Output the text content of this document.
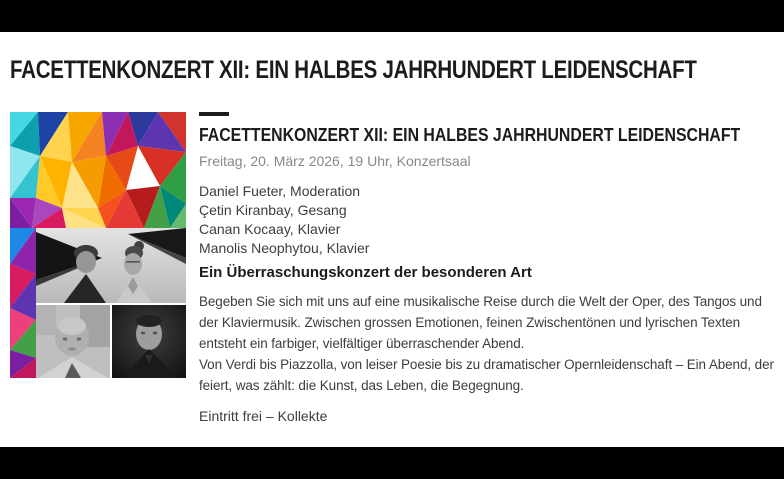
FACETTENKONZERT XII: EIN HALBES JAHRHUNDERT LEIDENSCHAFT
FACETTENKONZERT XII: EIN HALBES JAHRHUNDERT LEIDENSCHAFT
Freitag, 20. März 2026, 19 Uhr, Konzertsaal
Daniel Fueter, Moderation
Çetin Kiranbay, Gesang
Canan Kocaay, Klavier
Manolis Neophytou, Klavier
Ein Überraschungskonzert der besonderen Art
Begeben Sie sich mit uns auf eine musikalische Reise durch die Welt der Oper, des Tangos und der Klaviermusik. Zwischen grossen Emotionen, feinen Zwischentönen und lyrischen Texten entsteht ein farbiger, vielfältiger überraschender Abend.
Von Verdi bis Piazzolla, von leiser Poesie bis zu dramatischer Opernleidenschaft – Ein Abend, der feiert, was zählt: die Kunst, das Leben, die Begegnung.
Eintritt frei – Kollekte
